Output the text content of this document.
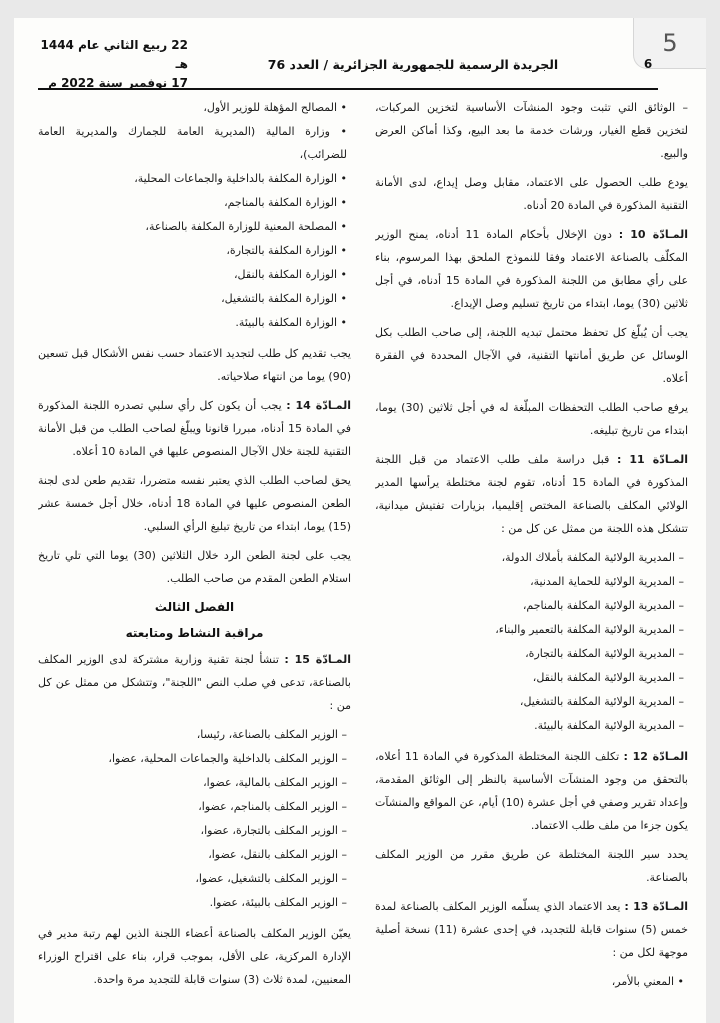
5
6
الجريدة الرسمية للجمهورية الجزائرية / العدد 76
22 ربيع الثاني عام 1444 هـ
17 نوفمبر سنة 2022 م

– الوثائق التي تثبت وجود المنشآت الأساسية لتخزين المركبات، لتخزين قطع الغيار، ورشات خدمة ما بعد البيع، وكذا أماكن العرض والبيع.

يودع طلب الحصول على الاعتماد، مقابل وصل إيداع، لدى الأمانة التقنية المذكورة في المادة 20 أدناه.

المـادّة 10 : دون الإخلال بأحكام المادة 11 أدناه، يمنح الوزير المكلّف بالصناعة الاعتماد وفقا للنموذج الملحق بهذا المرسوم، بناء على رأي مطابق من اللجنة المذكورة في المادة 15 أدناه، في أجل ثلاثين (30) يوما، ابتداء من تاريخ تسليم وصل الإيداع.

يجب أن يُبلّغ كل تحفظ محتمل تبديه اللجنة، إلى صاحب الطلب بكل الوسائل عن طريق أمانتها التقنية، في الآجال المحددة في الفقرة أعلاه.

يرفع صاحب الطلب التحفظات المبلّغة له في أجل ثلاثين (30) يوما، ابتداء من تاريخ تبليغه.

المـادّة 11 : قبل دراسة ملف طلب الاعتماد من قبل اللجنة المذكورة في المادة 15 أدناه، تقوم لجنة مختلطة يرأسها المدير الولائي المكلف بالصناعة المختص إقليميا، بزيارات تفتيش ميدانية، تتشكل هذه اللجنة من ممثل عن كل من :

– المديرية الولائية المكلفة بأملاك الدولة،

– المديرية الولائية للحماية المدنية،

– المديرية الولائية المكلفة بالمناجم،

– المديرية الولائية المكلفة بالتعمير والبناء،

– المديرية الولائية المكلفة بالتجارة،

– المديرية الولائية المكلفة بالنقل،

– المديرية الولائية المكلفة بالتشغيل،

– المديرية الولائية المكلفة بالبيئة.

المـادّة 12 : تكلف اللجنة المختلطة المذكورة في المادة 11 أعلاه، بالتحقق من وجود المنشآت الأساسية بالنظر إلى الوثائق المقدمة، وإعداد تقرير وصفي في أجل عشرة (10) أيام، عن المواقع والمنشآت يكون جزءا من ملف طلب الاعتماد.

يحدد سير اللجنة المختلطة عن طريق مقرر من الوزير المكلف بالصناعة.

المـادّة 13 : يعد الاعتماد الذي يسلّمه الوزير المكلف بالصناعة لمدة خمس (5) سنوات قابلة للتجديد، في إحدى عشرة (11) نسخة أصلية موجهة لكل من :

• المعني بالأمر،

• المصالح المؤهلة للوزير الأول،

• وزارة المالية (المديرية العامة للجمارك والمديرية العامة للضرائب)،

• الوزارة المكلفة بالداخلية والجماعات المحلية،

• الوزارة المكلفة بالمناجم،

• المصلحة المعنية للوزارة المكلفة بالصناعة،

• الوزارة المكلفة بالتجارة،

• الوزارة المكلفة بالنقل،

• الوزارة المكلفة بالتشغيل،

• الوزارة المكلفة بالبيئة.

يجب تقديم كل طلب لتجديد الاعتماد حسب نفس الأشكال قبل تسعين (90) يوما من انتهاء صلاحياته.

المـادّة 14 : يجب أن يكون كل رأي سلبي تصدره اللجنة المذكورة في المادة 15 أدناه، مبررا قانونا ويبلّغ لصاحب الطلب من قبل الأمانة التقنية للجنة خلال الآجال المنصوص عليها في المادة 10 أعلاه.

يحق لصاحب الطلب الذي يعتبر نفسه متضررا، تقديم طعن لدى لجنة الطعن المنصوص عليها في المادة 18 أدناه، خلال أجل خمسة عشر (15) يوما، ابتداء من تاريخ تبليغ الرأي السلبي.

يجب على لجنة الطعن الرد خلال الثلاثين (30) يوما التي تلي تاريخ استلام الطعن المقدم من صاحب الطلب.

الفصل الثالث
مراقبة النشاط ومتابعته

المـادّة 15 : تنشأ لجنة تقنية وزارية مشتركة لدى الوزير المكلف بالصناعة، تدعى في صلب النص "اللجنة"، وتتشكل من ممثل عن كل من :

– الوزير المكلف بالصناعة، رئيسا،

– الوزير المكلف بالداخلية والجماعات المحلية، عضوا،

– الوزير المكلف بالمالية، عضوا،

– الوزير المكلف بالمناجم، عضوا،

– الوزير المكلف بالتجارة، عضوا،

– الوزير المكلف بالنقل، عضوا،

– الوزير المكلف بالتشغيل، عضوا،

– الوزير المكلف بالبيئة، عضوا.

يعيّن الوزير المكلف بالصناعة أعضاء اللجنة الذين لهم رتبة مدير في الإدارة المركزية، على الأقل، بموجب قرار، بناء على اقتراح الوزراء المعنيين، لمدة ثلاث (3) سنوات قابلة للتجديد مرة واحدة.
